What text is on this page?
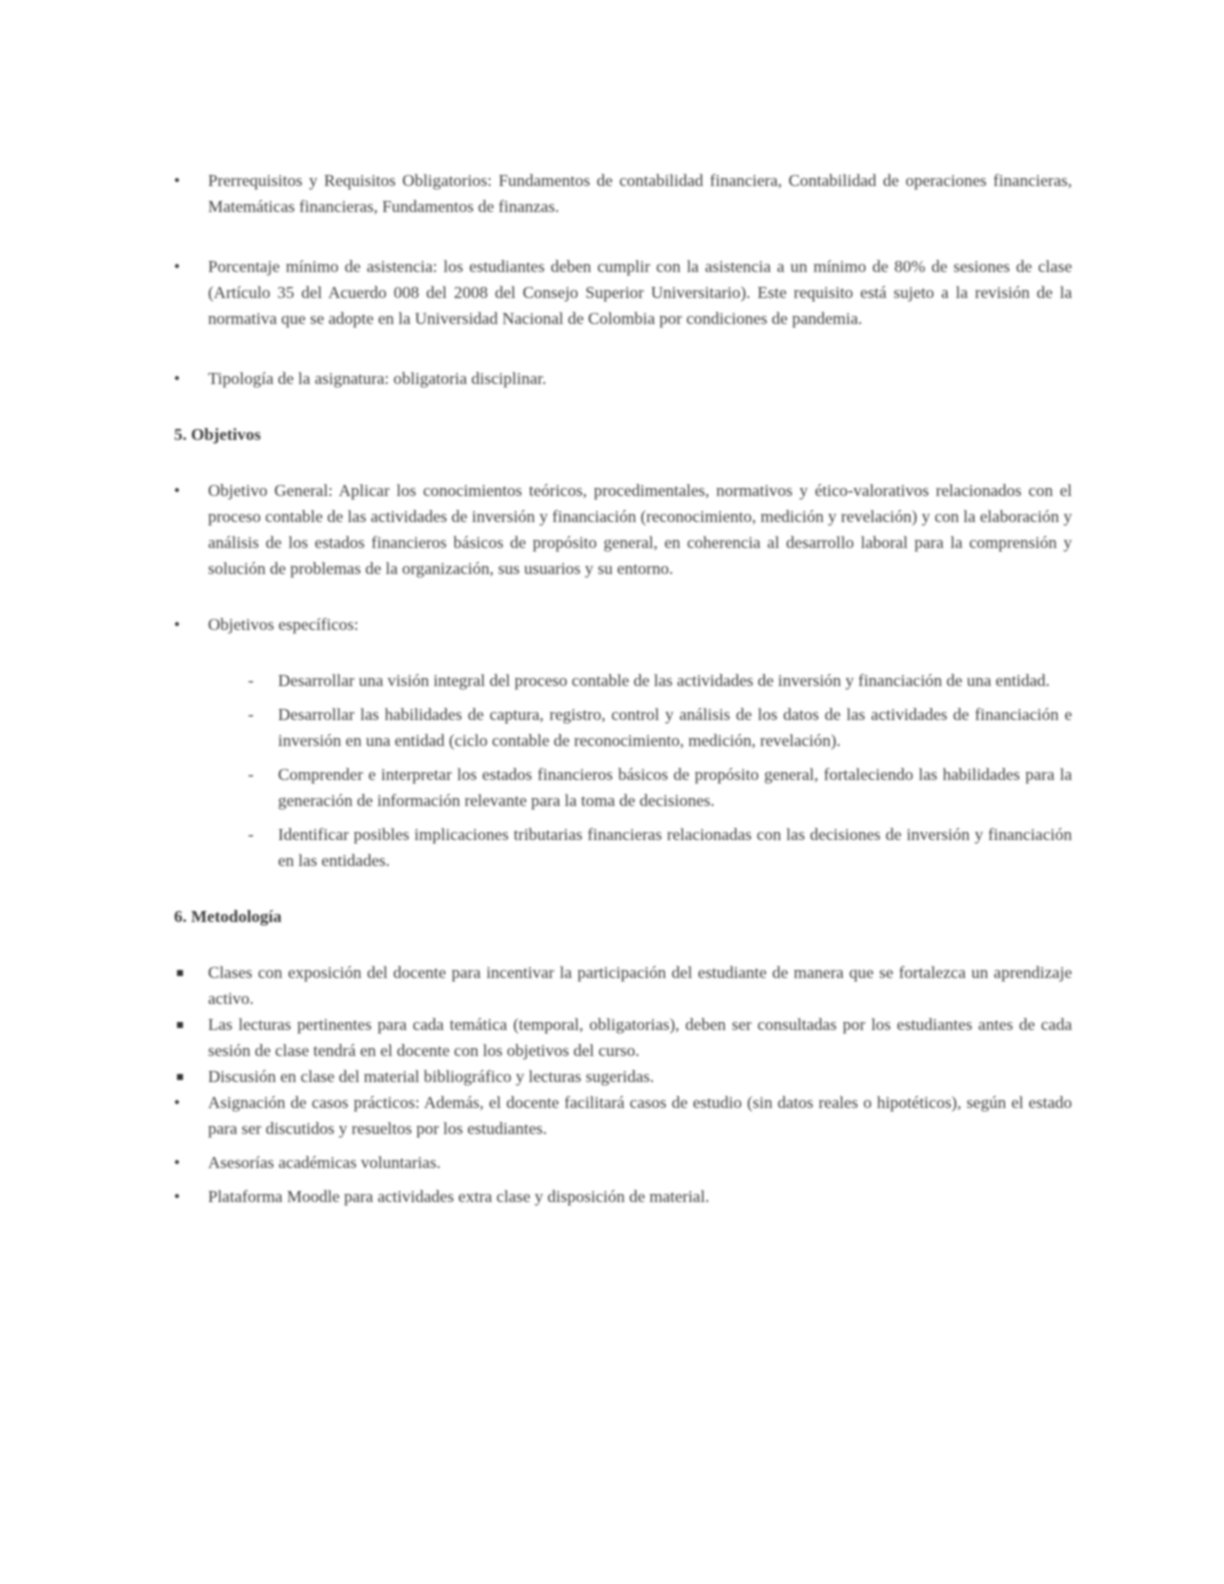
•
Prerrequisitos y Requisitos Obligatorios: Fundamentos de contabilidad financiera, Contabilidad de operaciones financieras, Matemáticas financieras, Fundamentos de finanzas.

•
Porcentaje mínimo de asistencia: los estudiantes deben cumplir con la asistencia a un mínimo de 80% de sesiones de clase (Artículo 35 del Acuerdo 008 del 2008 del Consejo Superior Universitario). Este requisito está sujeto a la revisión de la normativa que se adopte en la Universidad Nacional de Colombia por condiciones de pandemia.

•
Tipología de la asignatura: obligatoria disciplinar.

5. Objetivos

•
Objetivo General: Aplicar los conocimientos teóricos, procedimentales, normativos y ético-valorativos relacionados con el proceso contable de las actividades de inversión y financiación (reconocimiento, medición y revelación) y con la elaboración y análisis de los estados financieros básicos de propósito general, en coherencia al desarrollo laboral para la comprensión y solución de problemas de la organización, sus usuarios y su entorno.

•
Objetivos específicos:

-
Desarrollar una visión integral del proceso contable de las actividades de inversión y financiación de una entidad.

-
Desarrollar las habilidades de captura, registro, control y análisis de los datos de las actividades de financiación e inversión en una entidad (ciclo contable de reconocimiento, medición, revelación).

-
Comprender e interpretar los estados financieros básicos de propósito general, fortaleciendo las habilidades para la generación de información relevante para la toma de decisiones.

-
Identificar posibles implicaciones tributarias financieras relacionadas con las decisiones de inversión y financiación en las entidades.

6. Metodología

Clases con exposición del docente para incentivar la participación del estudiante de manera que se fortalezca un aprendizaje activo.

Las lecturas pertinentes para cada temática (temporal, obligatorias), deben ser consultadas por los estudiantes antes de cada sesión de clase tendrá en el docente con los objetivos del curso.

Discusión en clase del material bibliográfico y lecturas sugeridas.

•
Asignación de casos prácticos: Además, el docente facilitará casos de estudio (sin datos reales o hipotéticos), según el estado para ser discutidos y resueltos por los estudiantes.

•
Asesorías académicas voluntarias.

•
Plataforma Moodle para actividades extra clase y disposición de material.
